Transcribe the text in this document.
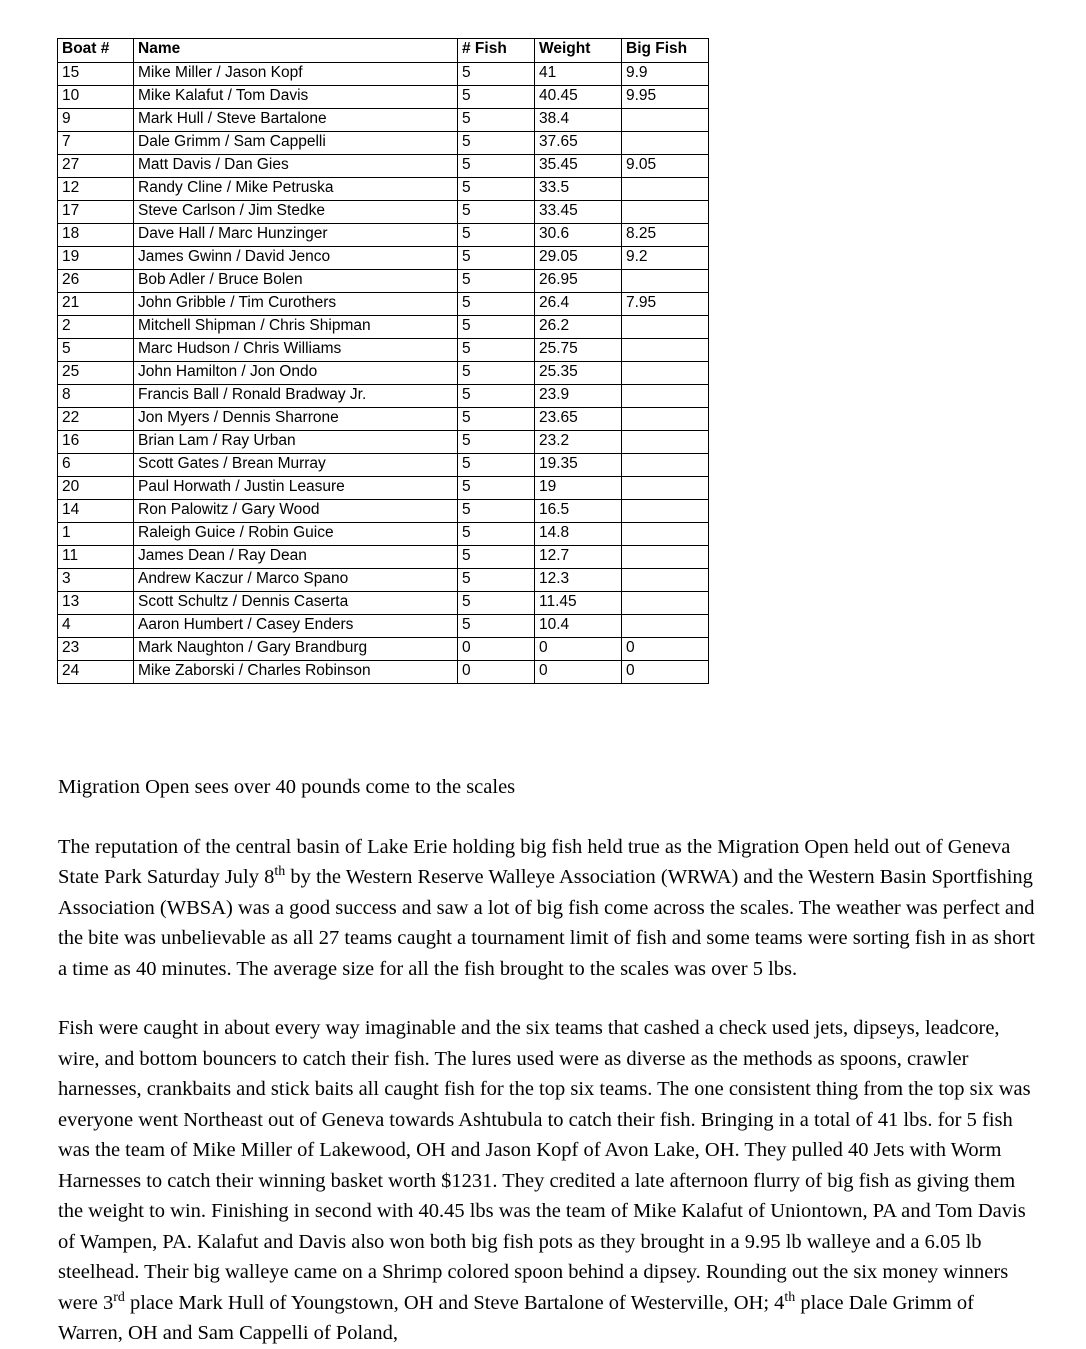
Boat #	Name	# Fish	Weight	Big Fish
15	Mike Miller / Jason Kopf	5	41	9.9
10	Mike Kalafut / Tom Davis	5	40.45	9.95
9	Mark Hull / Steve Bartalone	5	38.4	
7	Dale Grimm / Sam Cappelli	5	37.65	
27	Matt Davis / Dan Gies	5	35.45	9.05
12	Randy Cline / Mike Petruska	5	33.5	
17	Steve Carlson / Jim Stedke	5	33.45	
18	Dave Hall / Marc Hunzinger	5	30.6	8.25
19	James Gwinn / David Jenco	5	29.05	9.2
26	Bob Adler / Bruce Bolen	5	26.95	
21	John Gribble / Tim Curothers	5	26.4	7.95
2	Mitchell Shipman / Chris Shipman	5	26.2	
5	Marc Hudson / Chris Williams	5	25.75	
25	John Hamilton / Jon Ondo	5	25.35	
8	Francis Ball / Ronald Bradway Jr.	5	23.9	
22	Jon Myers / Dennis Sharrone	5	23.65	
16	Brian Lam / Ray Urban	5	23.2	
6	Scott Gates / Brean Murray	5	19.35	
20	Paul Horwath / Justin Leasure	5	19	
14	Ron Palowitz / Gary Wood	5	16.5	
1	Raleigh Guice / Robin Guice	5	14.8	
11	James Dean / Ray Dean	5	12.7	
3	Andrew Kaczur / Marco Spano	5	12.3	
13	Scott Schultz / Dennis Caserta	5	11.45	
4	Aaron Humbert / Casey Enders	5	10.4	
23	Mark Naughton / Gary Brandburg	0	0	0
24	Mike Zaborski / Charles Robinson	0	0	0

Migration Open sees over 40 pounds come to the scales

The reputation of the central basin of Lake Erie holding big fish held true as the Migration Open held out of Geneva State Park Saturday July 8th by the Western Reserve Walleye Association (WRWA) and the Western Basin Sportfishing Association (WBSA) was a good success and saw a lot of big fish come across the scales. The weather was perfect and the bite was unbelievable as all 27 teams caught a tournament limit of fish and some teams were sorting fish in as short a time as 40 minutes. The average size for all the fish brought to the scales was over 5 lbs.

Fish were caught in about every way imaginable and the six teams that cashed a check used jets, dipseys, leadcore, wire, and bottom bouncers to catch their fish. The lures used were as diverse as the methods as spoons, crawler harnesses, crankbaits and stick baits all caught fish for the top six teams. The one consistent thing from the top six was everyone went Northeast out of Geneva towards Ashtubula to catch their fish. Bringing in a total of 41 lbs. for 5 fish was the team of Mike Miller of Lakewood, OH and Jason Kopf of Avon Lake, OH. They pulled 40 Jets with Worm Harnesses to catch their winning basket worth $1231. They credited a late afternoon flurry of big fish as giving them the weight to win. Finishing in second with 40.45 lbs was the team of Mike Kalafut of Uniontown, PA and Tom Davis of Wampen, PA. Kalafut and Davis also won both big fish pots as they brought in a 9.95 lb walleye and a 6.05 lb steelhead. Their big walleye came on a Shrimp colored spoon behind a dipsey. Rounding out the six money winners were 3rd place Mark Hull of Youngstown, OH and Steve Bartalone of Westerville, OH; 4th place Dale Grimm of Warren, OH and Sam Cappelli of Poland,
